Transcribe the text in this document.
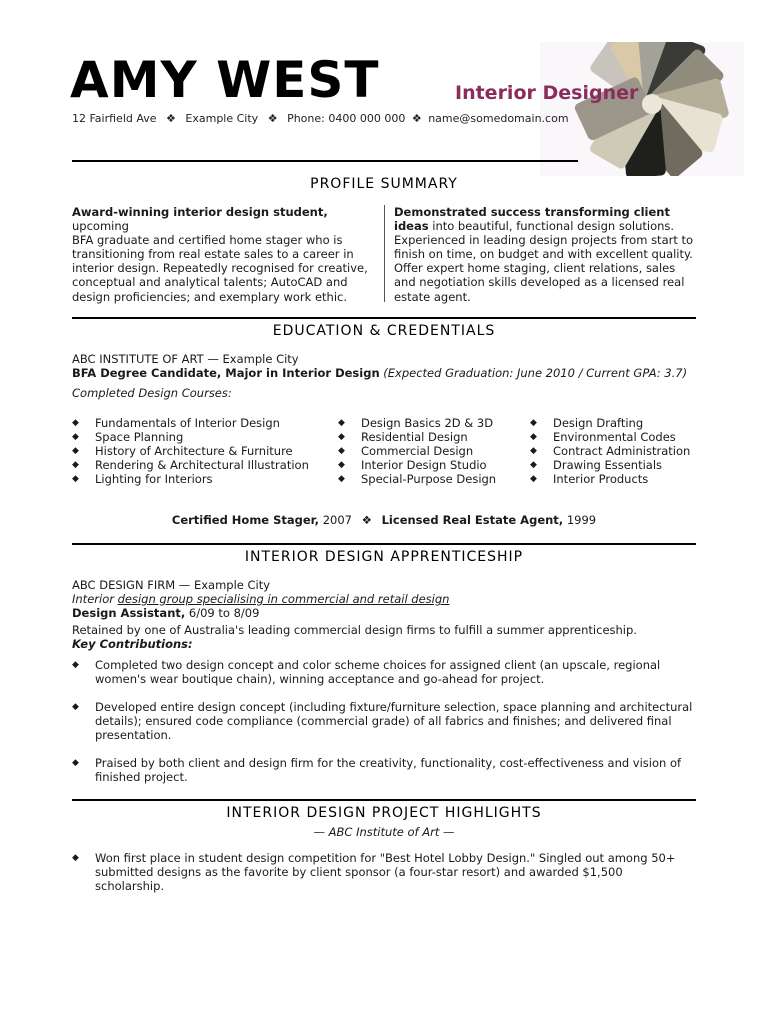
AMY WEST	Interior Designer
12 Fairfield Ave ❖ Example City ❖ Phone: 0400 000 000 ❖ name@somedomain.com
PROFILE SUMMARY
Award-winning interior design student,
upcoming
BFA graduate and certified home stager who is transitioning from real estate sales to a career in interior design. Repeatedly recognised for creative, conceptual and analytical talents; AutoCAD and design proficiencies; and exemplary work ethic.
Demonstrated success transforming client ideas into beautiful, functional design solutions. Experienced in leading design projects from start to finish on time, on budget and with excellent quality. Offer expert home staging, client relations, sales and negotiation skills developed as a licensed real estate agent.
EDUCATION & CREDENTIALS
ABC INSTITUTE OF ART — Example City
BFA Degree Candidate, Major in Interior Design (Expected Graduation: June 2010 / Current GPA: 3.7)
Completed Design Courses:
◆ Fundamentals of Interior Design
◆ Space Planning
◆ History of Architecture & Furniture
◆ Rendering & Architectural Illustration
◆ Lighting for Interiors
◆ Design Basics 2D & 3D
◆ Residential Design
◆ Commercial Design
◆ Interior Design Studio
◆ Special-Purpose Design
◆ Design Drafting
◆ Environmental Codes
◆ Contract Administration
◆ Drawing Essentials
◆ Interior Products
Certified Home Stager, 2007 ❖ Licensed Real Estate Agent, 1999
INTERIOR DESIGN APPRENTICESHIP
ABC DESIGN FIRM — Example City
Interior design group specialising in commercial and retail design
Design Assistant, 6/09 to 8/09
Retained by one of Australia's leading commercial design firms to fulfill a summer apprenticeship.
Key Contributions:
◆ Completed two design concept and color scheme choices for assigned client (an upscale, regional women's wear boutique chain), winning acceptance and go-ahead for project.
◆ Developed entire design concept (including fixture/furniture selection, space planning and architectural details); ensured code compliance (commercial grade) of all fabrics and finishes; and delivered final presentation.
◆ Praised by both client and design firm for the creativity, functionality, cost-effectiveness and vision of finished project.
INTERIOR DESIGN PROJECT HIGHLIGHTS
— ABC Institute of Art —
◆ Won first place in student design competition for "Best Hotel Lobby Design." Singled out among 50+ submitted designs as the favorite by client sponsor (a four-star resort) and awarded $1,500 scholarship.
